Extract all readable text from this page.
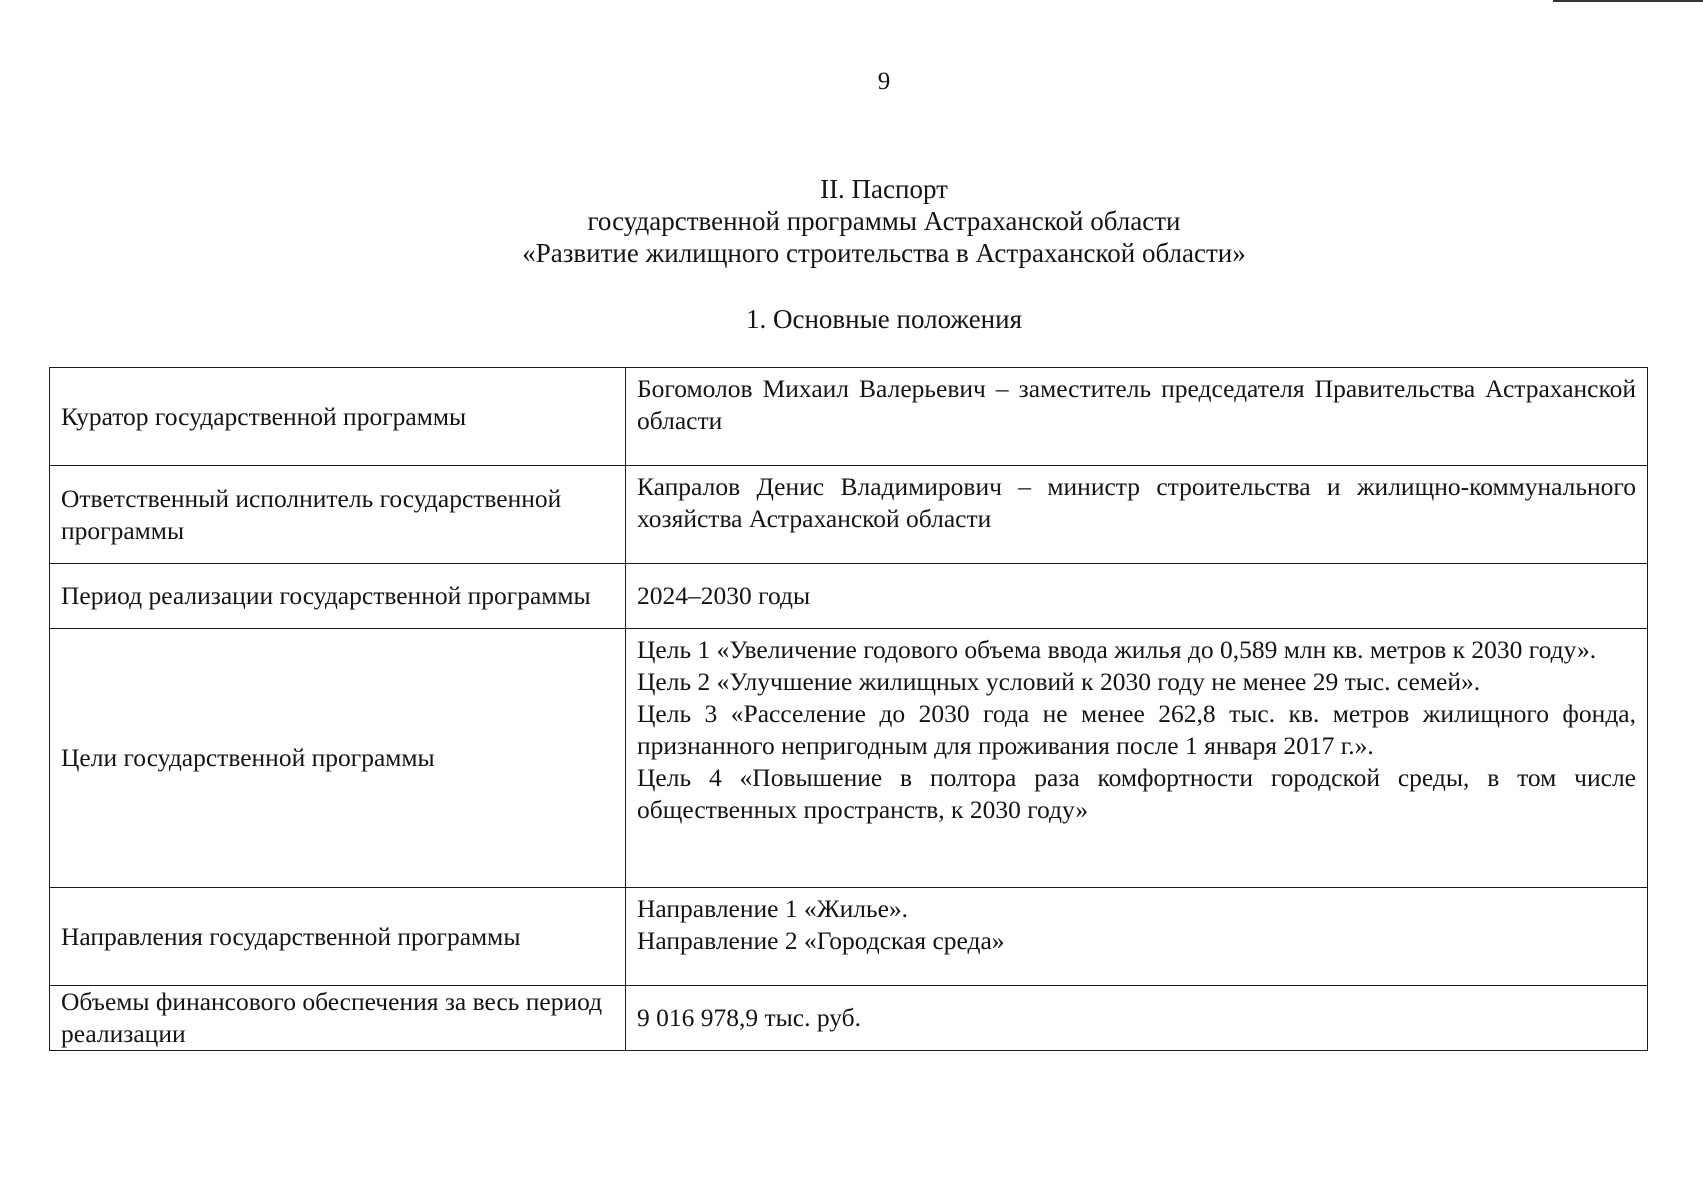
9
II. Паспорт
государственной программы Астраханской области
«Развитие жилищного строительства в Астраханской области»
1. Основные положения
Куратор государственной программы	Богомолов Михаил Валерьевич – заместитель председателя Правительства Астраханской области
Ответственный исполнитель государственной программы	Капралов Денис Владимирович – министр строительства и жилищно-коммунального хозяйства Астраханской области
Период реализации государственной программы	2024–2030 годы
Цели государственной программы	Цель 1 «Увеличение годового объема ввода жилья до 0,589 млн кв. метров к 2030 году».
Цель 2 «Улучшение жилищных условий к 2030 году не менее 29 тыс. семей».
Цель 3 «Расселение до 2030 года не менее 262,8 тыс. кв. метров жилищного фонда, признанного непригодным для проживания после 1 января 2017 г.».
Цель 4 «Повышение в полтора раза комфортности городской среды, в том числе общественных пространств, к 2030 году»

Направления государственной программы	Направление 1 «Жилье».
Направление 2 «Городская среда»

Объемы финансового обеспечения за весь период реализации	9 016 978,9 тыс. руб.
